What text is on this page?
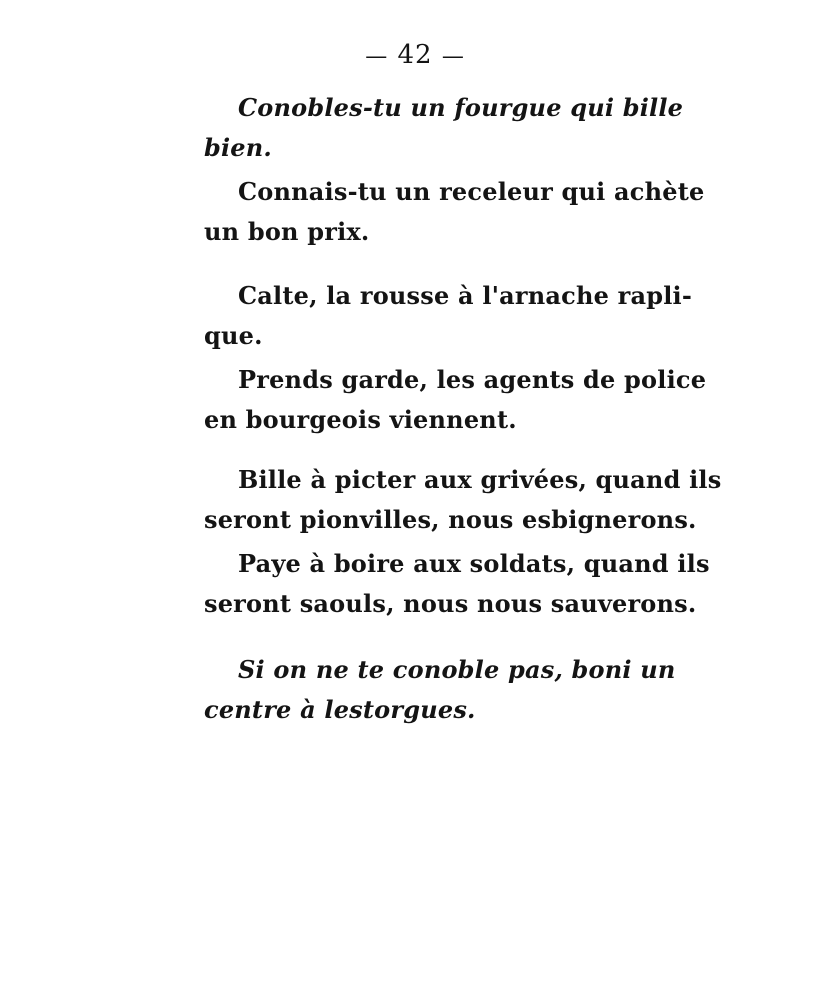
— 42 —
Conobles-tu un fourgue qui bille
bien.
Connais-tu un receleur qui achète
un bon prix.
Calte, la rousse à l'arnache rapli-
que.
Prends garde, les agents de police
en bourgeois viennent.
Bille à picter aux grivées, quand ils
seront pionvilles, nous esbignerons.
Paye à boire aux soldats, quand ils
seront saouls, nous nous sauverons.
Si on ne te conoble pas, boni un
centre à lestorgues.
